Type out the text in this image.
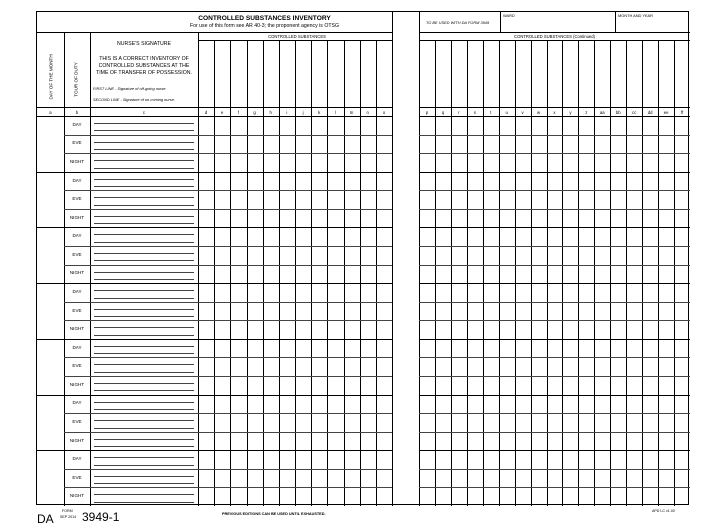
CONTROLLED SUBSTANCES INVENTORY
For use of this form see AR 40-3; the proponent agency is OTSG
TO BE USED WITH DA FORM 3949
WARD	MONTH AND YEAR
CONTROLLED SUBSTANCES	CONTROLLED SUBSTANCES (Continued)
NURSE'S SIGNATURE
THIS IS A CORRECT INVENTORY OF
CONTROLLED SUBSTANCES AT THE
TIME OF TRANSFER OF POSSESSION.
FIRST LINE - Signature of off-going nurse.
SECOND LINE - Signature of on-coming nurse.
DAY OF THE MONTH	TOUR OF DUTY
a	b	c	d	e	f	g	h	i	j	k	l	m	n	o	p	q	r	s	t	u	v	w	x	y	z	aa	bb	cc	dd	ee	ff
DAY
EVE
NIGHT
DAY
EVE
NIGHT
DAY
EVE
NIGHT
DAY
EVE
NIGHT
DAY
EVE
NIGHT
DAY
EVE
NIGHT
DAY
EVE
NIGHT
DA
FORM
SEP 2014 3949-1	PREVIOUS EDITIONS CAN BE USED UNTIL EXHAUSTED.
APD LC v1.00
